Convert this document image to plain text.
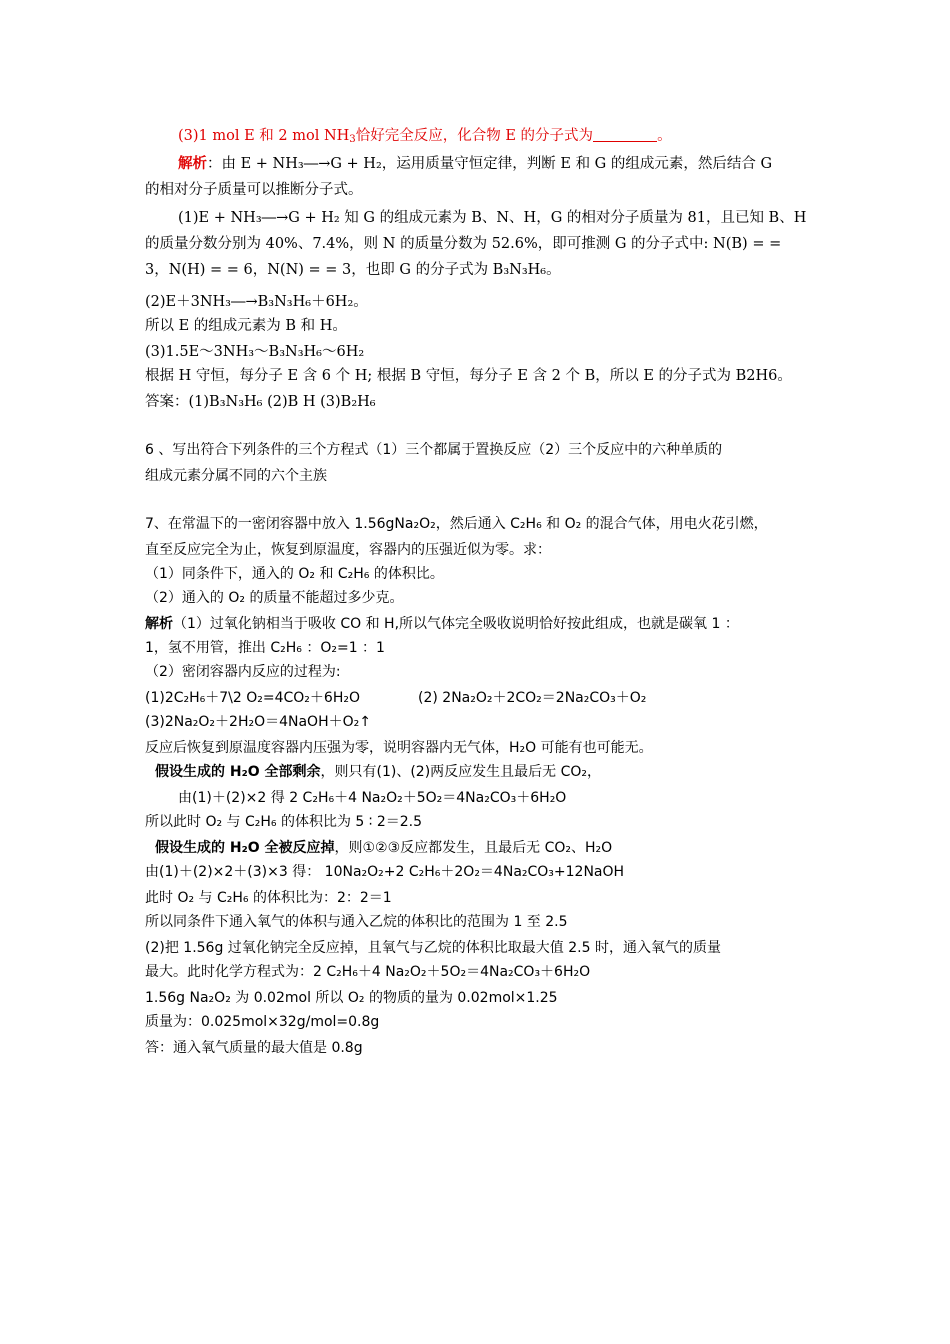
(3)1 mol E 和 2 mol $NH_3$恰好完全反应，化合物 E 的分子式为	。
解析：由 E + NH₃―→G + H₂，运用质量守恒定律，判断 E 和 G 的组成元素，然后结合 G
的相对分子质量可以推断分子式。
(1)E + NH₃―→G + H₂ 知 G 的组成元素为 B、N、H，G 的相对分子质量为 81，且已知 B、H
的质量分数分别为 40%、7.4%，则 N 的质量分数为 52.6%，即可推测 G 的分子式中: N(B) = =
3，N(H) = = 6，N(N) = = 3，也即 G 的分子式为 B₃N₃H₆。
(2)E＋3NH₃―→B₃N₃H₆＋6H₂。
所以 E 的组成元素为 B 和 H。
(3)1.5E～3NH₃～B₃N₃H₆～6H₂
根据 H 守恒，每分子 E 含 6 个 H; 根据 B 守恒，每分子 E 含 2 个 B，所以 E 的分子式为 B2H6。
答案：(1)B₃N₃H₆ (2)B H (3)B₂H₆
6 、写出符合下列条件的三个方程式（1）三个都属于置换反应（2）三个反应中的六种单质的
组成元素分属不同的六个主族
7、在常温下的一密闭容器中放入 1.56gNa₂O₂，然后通入 C₂H₆ 和 O₂ 的混合气体，用电火花引燃，
直至反应完全为止，恢复到原温度，容器内的压强近似为零。求：
（1）同条件下，通入的 O₂ 和 C₂H₆ 的体积比。
（2）通入的 O₂ 的质量不能超过多少克。
解析（1）过氧化钠相当于吸收 CO 和 H,所以气体完全吸收说明恰好按此组成，也就是碳氧 1 ：
1，氢不用管，推出 C₂H₆ ：O₂=1 ：1
（2）密闭容器内反应的过程为:
(1)2C₂H₆＋7\2 O₂=4CO₂＋6H₂O	(2) 2Na₂O₂＋2CO₂＝2Na₂CO₃＋O₂
(3)2Na₂O₂＋2H₂O＝4NaOH＋O₂↑
反应后恢复到原温度容器内压强为零，说明容器内无气体，H₂O 可能有也可能无。
假设生成的 H₂O 全部剩余，则只有(1)、(2)两反应发生且最后无 CO₂，
由(1)＋(2)×2 得 2 C₂H₆＋4 Na₂O₂＋5O₂＝4Na₂CO₃＋6H₂O
所以此时 O₂ 与 C₂H₆ 的体积比为 5 ∶ 2＝2.5
假设生成的 H₂O 全被反应掉，则①②③反应都发生，且最后无 CO₂、H₂O
由(1)＋(2)×2＋(3)×3 得： 10Na₂O₂+2 C₂H₆＋2O₂＝4Na₂CO₃+12NaOH
此时 O₂ 与 C₂H₆ 的体积比为：2：2＝1
所以同条件下通入氧气的体积与通入乙烷的体积比的范围为 1 至 2.5
(2)把 1.56g 过氧化钠完全反应掉，且氧气与乙烷的体积比取最大值 2.5 时，通入氧气的质量
最大。此时化学方程式为：2 C₂H₆＋4 Na₂O₂＋5O₂＝4Na₂CO₃＋6H₂O
1.56g Na₂O₂ 为 0.02mol 所以 O₂ 的物质的量为 0.02mol×1.25
质量为：0.025mol×32g/mol=0.8g
答：通入氧气质量的最大值是 0.8g
